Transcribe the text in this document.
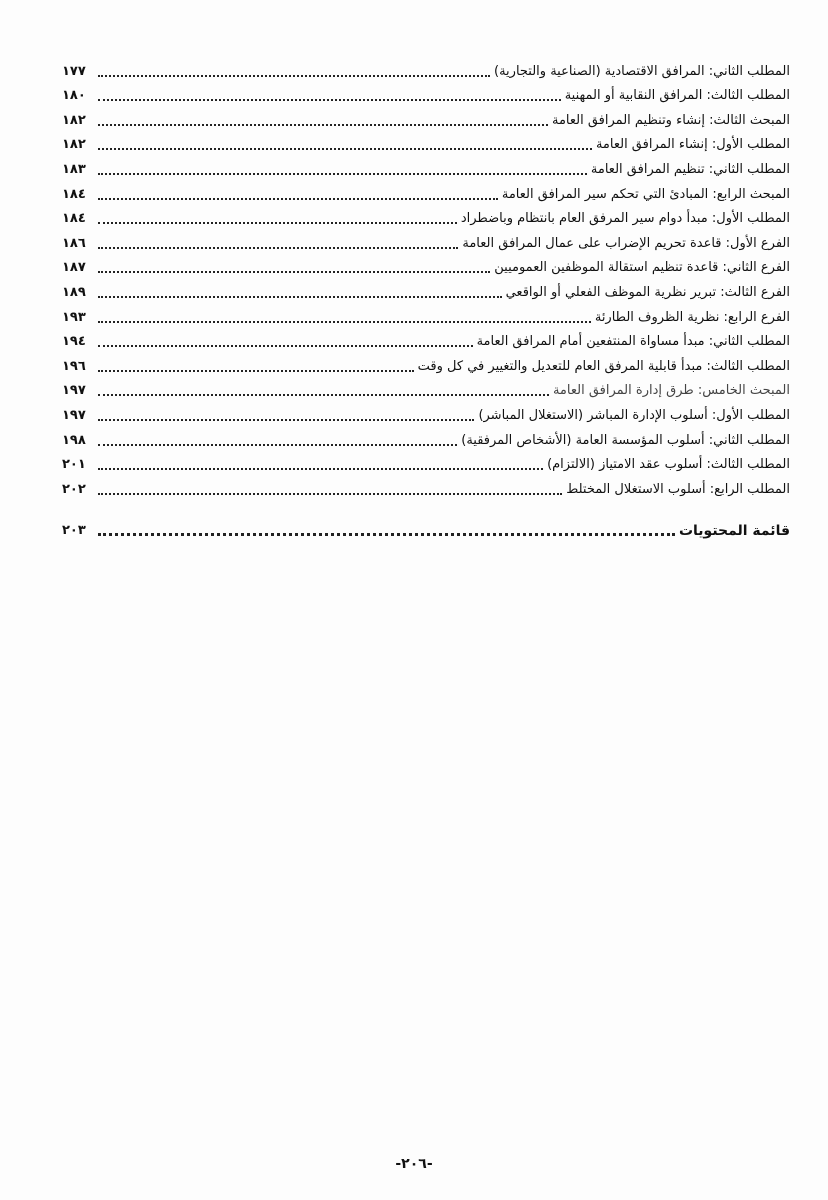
المطلب الثاني: المرافق الاقتصادية (الصناعية والتجارية)
١٧٧
المطلب الثالث: المرافق النقابية أو المهنية
١٨٠
المبحث الثالث: إنشاء وتنظيم المرافق العامة
١٨٢
المطلب الأول: إنشاء المرافق العامة
١٨٢
المطلب الثاني: تنظيم المرافق العامة
١٨٣
المبحث الرابع: المبادئ التي تحكم سير المرافق العامة
١٨٤
المطلب الأول: مبدأ دوام سير المرفق العام بانتظام وباضطراد
١٨٤
الفرع الأول: قاعدة تحريم الإضراب على عمال المرافق العامة
١٨٦
الفرع الثاني: قاعدة تنظيم استقالة الموظفين العموميين
١٨٧
الفرع الثالث: تبرير نظرية الموظف الفعلي أو الواقعي
١٨٩
الفرع الرابع: نظرية الظروف الطارئة
١٩٣
المطلب الثاني: مبدأ مساواة المنتفعين أمام المرافق العامة
١٩٤
المطلب الثالث: مبدأ قابلية المرفق العام للتعديل والتغيير في كل وقت
١٩٦
المبحث الخامس: طرق إدارة المرافق العامة
١٩٧
المطلب الأول: أسلوب الإدارة المباشر (الاستغلال المباشر)
١٩٧
المطلب الثاني: أسلوب المؤسسة العامة (الأشخاص المرفقية)
١٩٨
المطلب الثالث: أسلوب عقد الامتياز (الالتزام)
٢٠١
المطلب الرابع: أسلوب الاستغلال المختلط
٢٠٢
قائمة المحتويات
٢٠٣
-٢٠٦-
